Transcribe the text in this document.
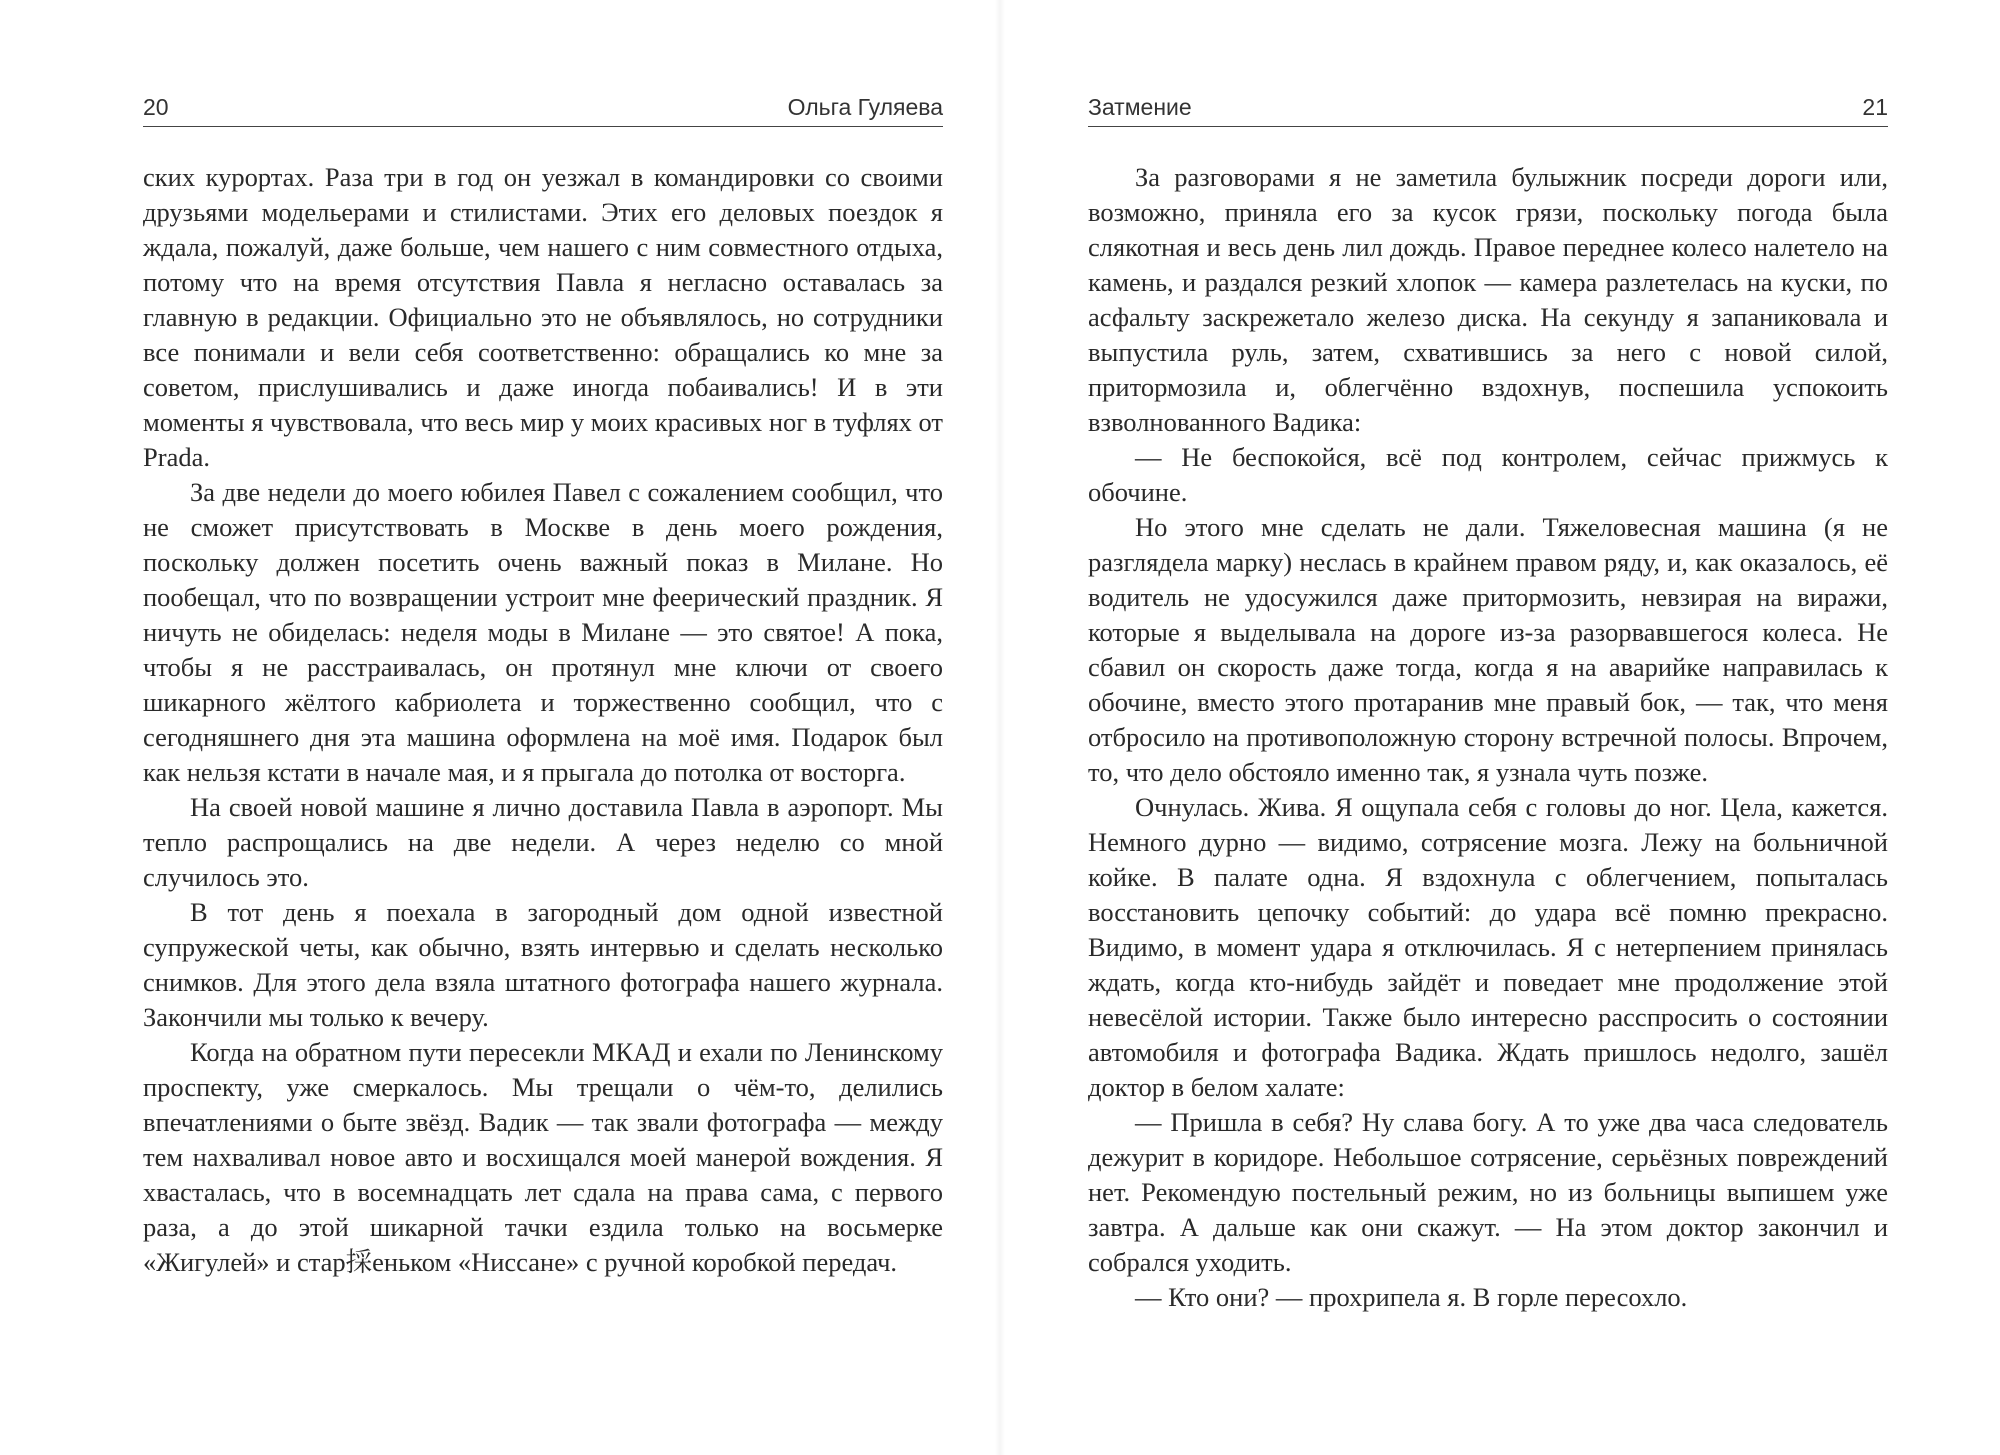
20	Ольга Гуляева

ских курортах. Раза три в год он уезжал в командировки со своими друзьями модельерами и стилистами. Этих его деловых поездок я ждала, пожалуй, даже больше, чем нашего с ним совместного отдыха, потому что на время отсутствия Павла я негласно оставалась за главную в редакции. Официально это не объявлялось, но сотрудники все понимали и вели себя соответственно: обращались ко мне за советом, прислушивались и даже иногда побаивались! И в эти моменты я чувствовала, что весь мир у моих красивых ног в туфлях от Prada.

За две недели до моего юбилея Павел с сожалением сообщил, что не сможет присутствовать в Москве в день моего рождения, поскольку должен посетить очень важный показ в Милане. Но пообещал, что по возвращении устроит мне феерический праздник. Я ничуть не обиделась: неделя моды в Милане — это святое! А пока, чтобы я не расстраивалась, он протянул мне ключи от своего шикарного жёлтого кабриолета и торжественно сообщил, что с сегодняшнего дня эта машина оформлена на моё имя. Подарок был как нельзя кстати в начале мая, и я прыгала до потолка от восторга.

На своей новой машине я лично доставила Павла в аэропорт. Мы тепло распрощались на две недели. А через неделю со мной случилось это.

В тот день я поехала в загородный дом одной известной супружеской четы, как обычно, взять интервью и сделать несколько снимков. Для этого дела взяла штатного фотографа нашего журнала. Закончили мы только к вечеру.

Когда на обратном пути пересекли МКАД и ехали по Ленинскому проспекту, уже смеркалось. Мы трещали о чём-то, делились впечатлениями о быте звёзд. Вадик — так звали фотографа — между тем нахваливал новое авто и восхищался моей манерой вождения. Я хвасталась, что в восемнадцать лет сдала на права сама, с первого раза, а до этой шикарной тачки ездила только на восьмерке «Жигулей» и стар採еньком «Ниссане» с ручной коробкой передач.

Затмение	21

За разговорами я не заметила булыжник посреди дороги или, возможно, приняла его за кусок грязи, поскольку погода была слякотная и весь день лил дождь. Правое переднее колесо налетело на камень, и раздался резкий хлопок — камера разлетелась на куски, по асфальту заскрежетало железо диска. На секунду я запаниковала и выпустила руль, затем, схватившись за него с новой силой, притормозила и, облегчённо вздохнув, поспешила успокоить взволнованного Вадика:

— Не беспокойся, всё под контролем, сейчас прижмусь к обочине.

Но этого мне сделать не дали. Тяжеловесная машина (я не разглядела марку) неслась в крайнем правом ряду, и, как оказалось, её водитель не удосужился даже притормозить, невзирая на виражи, которые я выделывала на дороге из-за разорвавшегося колеса. Не сбавил он скорость даже тогда, когда я на аварийке направилась к обочине, вместо этого протаранив мне правый бок, — так, что меня отбросило на противоположную сторону встречной полосы. Впрочем, то, что дело обстояло именно так, я узнала чуть позже.

Очнулась. Жива. Я ощупала себя с головы до ног. Цела, кажется. Немного дурно — видимо, сотрясение мозга. Лежу на больничной койке. В палате одна. Я вздохнула с облегчением, попыталась восстановить цепочку событий: до удара всё помню прекрасно. Видимо, в момент удара я отключилась. Я с нетерпением принялась ждать, когда кто-нибудь зайдёт и поведает мне продолжение этой невесёлой истории. Также было интересно расспросить о состоянии автомобиля и фотографа Вадика. Ждать пришлось недолго, зашёл доктор в белом халате:

— Пришла в себя? Ну слава богу. А то уже два часа следователь дежурит в коридоре. Небольшое сотрясение, серьёзных повреждений нет. Рекомендую постельный режим, но из больницы выпишем уже завтра. А дальше как они скажут. — На этом доктор закончил и собрался уходить.

— Кто они? — прохрипела я. В горле пересохло.
